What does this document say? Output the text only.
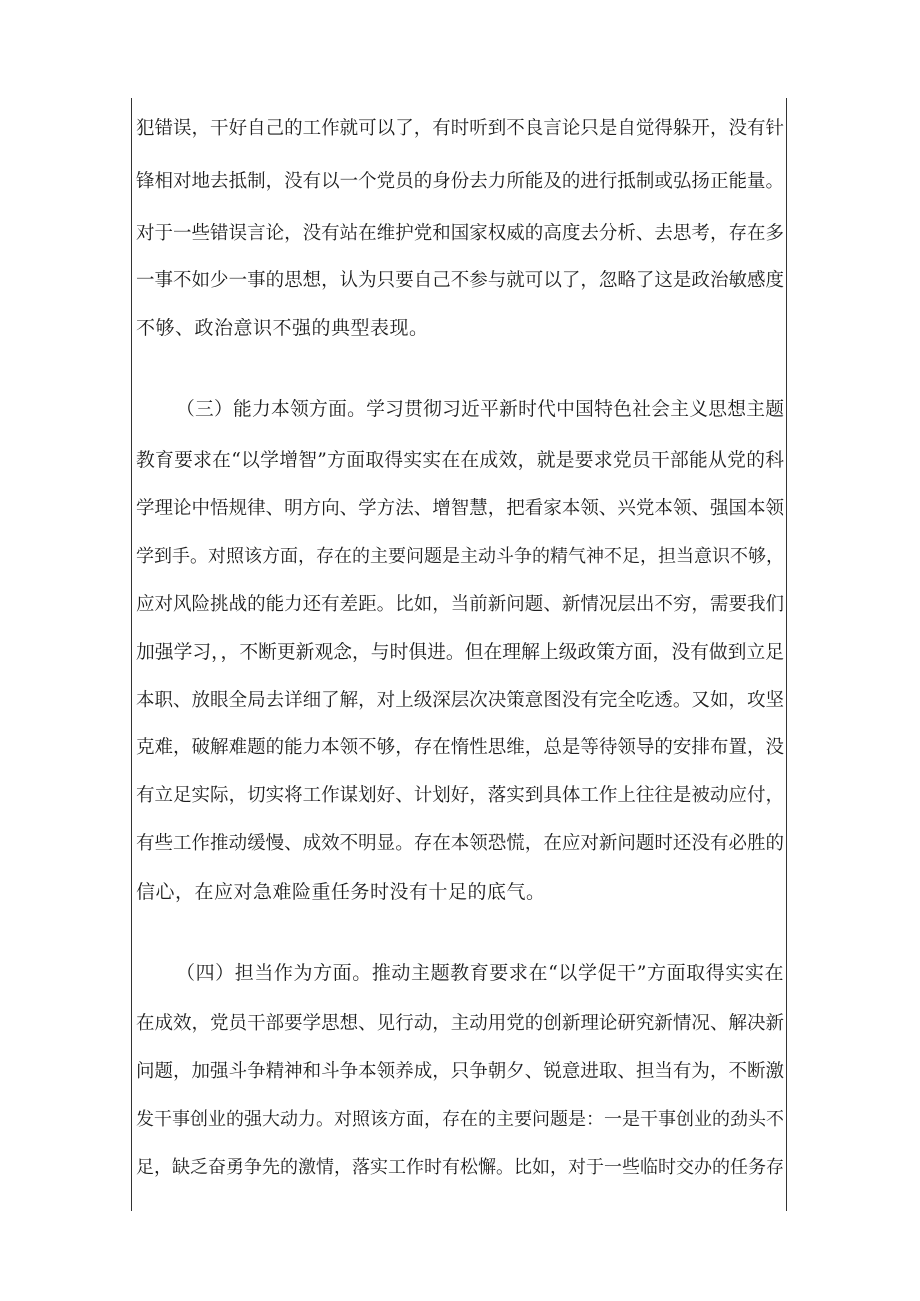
犯错误，干好自己的工作就可以了，有时听到不良言论只是自觉得躲开，没有针
锋相对地去抵制，没有以一个党员的身份去力所能及的进行抵制或弘扬正能量。
对于一些错误言论，没有站在维护党和国家权威的高度去分析、去思考，存在多
一事不如少一事的思想，认为只要自己不参与就可以了，忽略了这是政治敏感度
不够、政治意识不强的典型表现。
（三）能力本领方面。学习贯彻习近平新时代中国特色社会主义思想主题
教育要求在“以学增智”方面取得实实在在成效，就是要求党员干部能从党的科
学理论中悟规律、明方向、学方法、增智慧，把看家本领、兴党本领、强国本领
学到手。对照该方面，存在的主要问题是主动斗争的精气神不足，担当意识不够，
应对风险挑战的能力还有差距。比如，当前新问题、新情况层出不穷，需要我们
加强学习，，不断更新观念，与时俱进。但在理解上级政策方面，没有做到立足
本职、放眼全局去详细了解，对上级深层次决策意图没有完全吃透。又如，攻坚
克难，破解难题的能力本领不够，存在惰性思维，总是等待领导的安排布置，没
有立足实际，切实将工作谋划好、计划好，落实到具体工作上往往是被动应付，
有些工作推动缓慢、成效不明显。存在本领恐慌，在应对新问题时还没有必胜的
信心，在应对急难险重任务时没有十足的底气。
（四）担当作为方面。推动主题教育要求在“以学促干”方面取得实实在
在成效，党员干部要学思想、见行动，主动用党的创新理论研究新情况、解决新
问题，加强斗争精神和斗争本领养成，只争朝夕、锐意进取、担当有为，不断激
发干事创业的强大动力。对照该方面，存在的主要问题是：一是干事创业的劲头不
足，缺乏奋勇争先的激情，落实工作时有松懈。比如，对于一些临时交办的任务存
